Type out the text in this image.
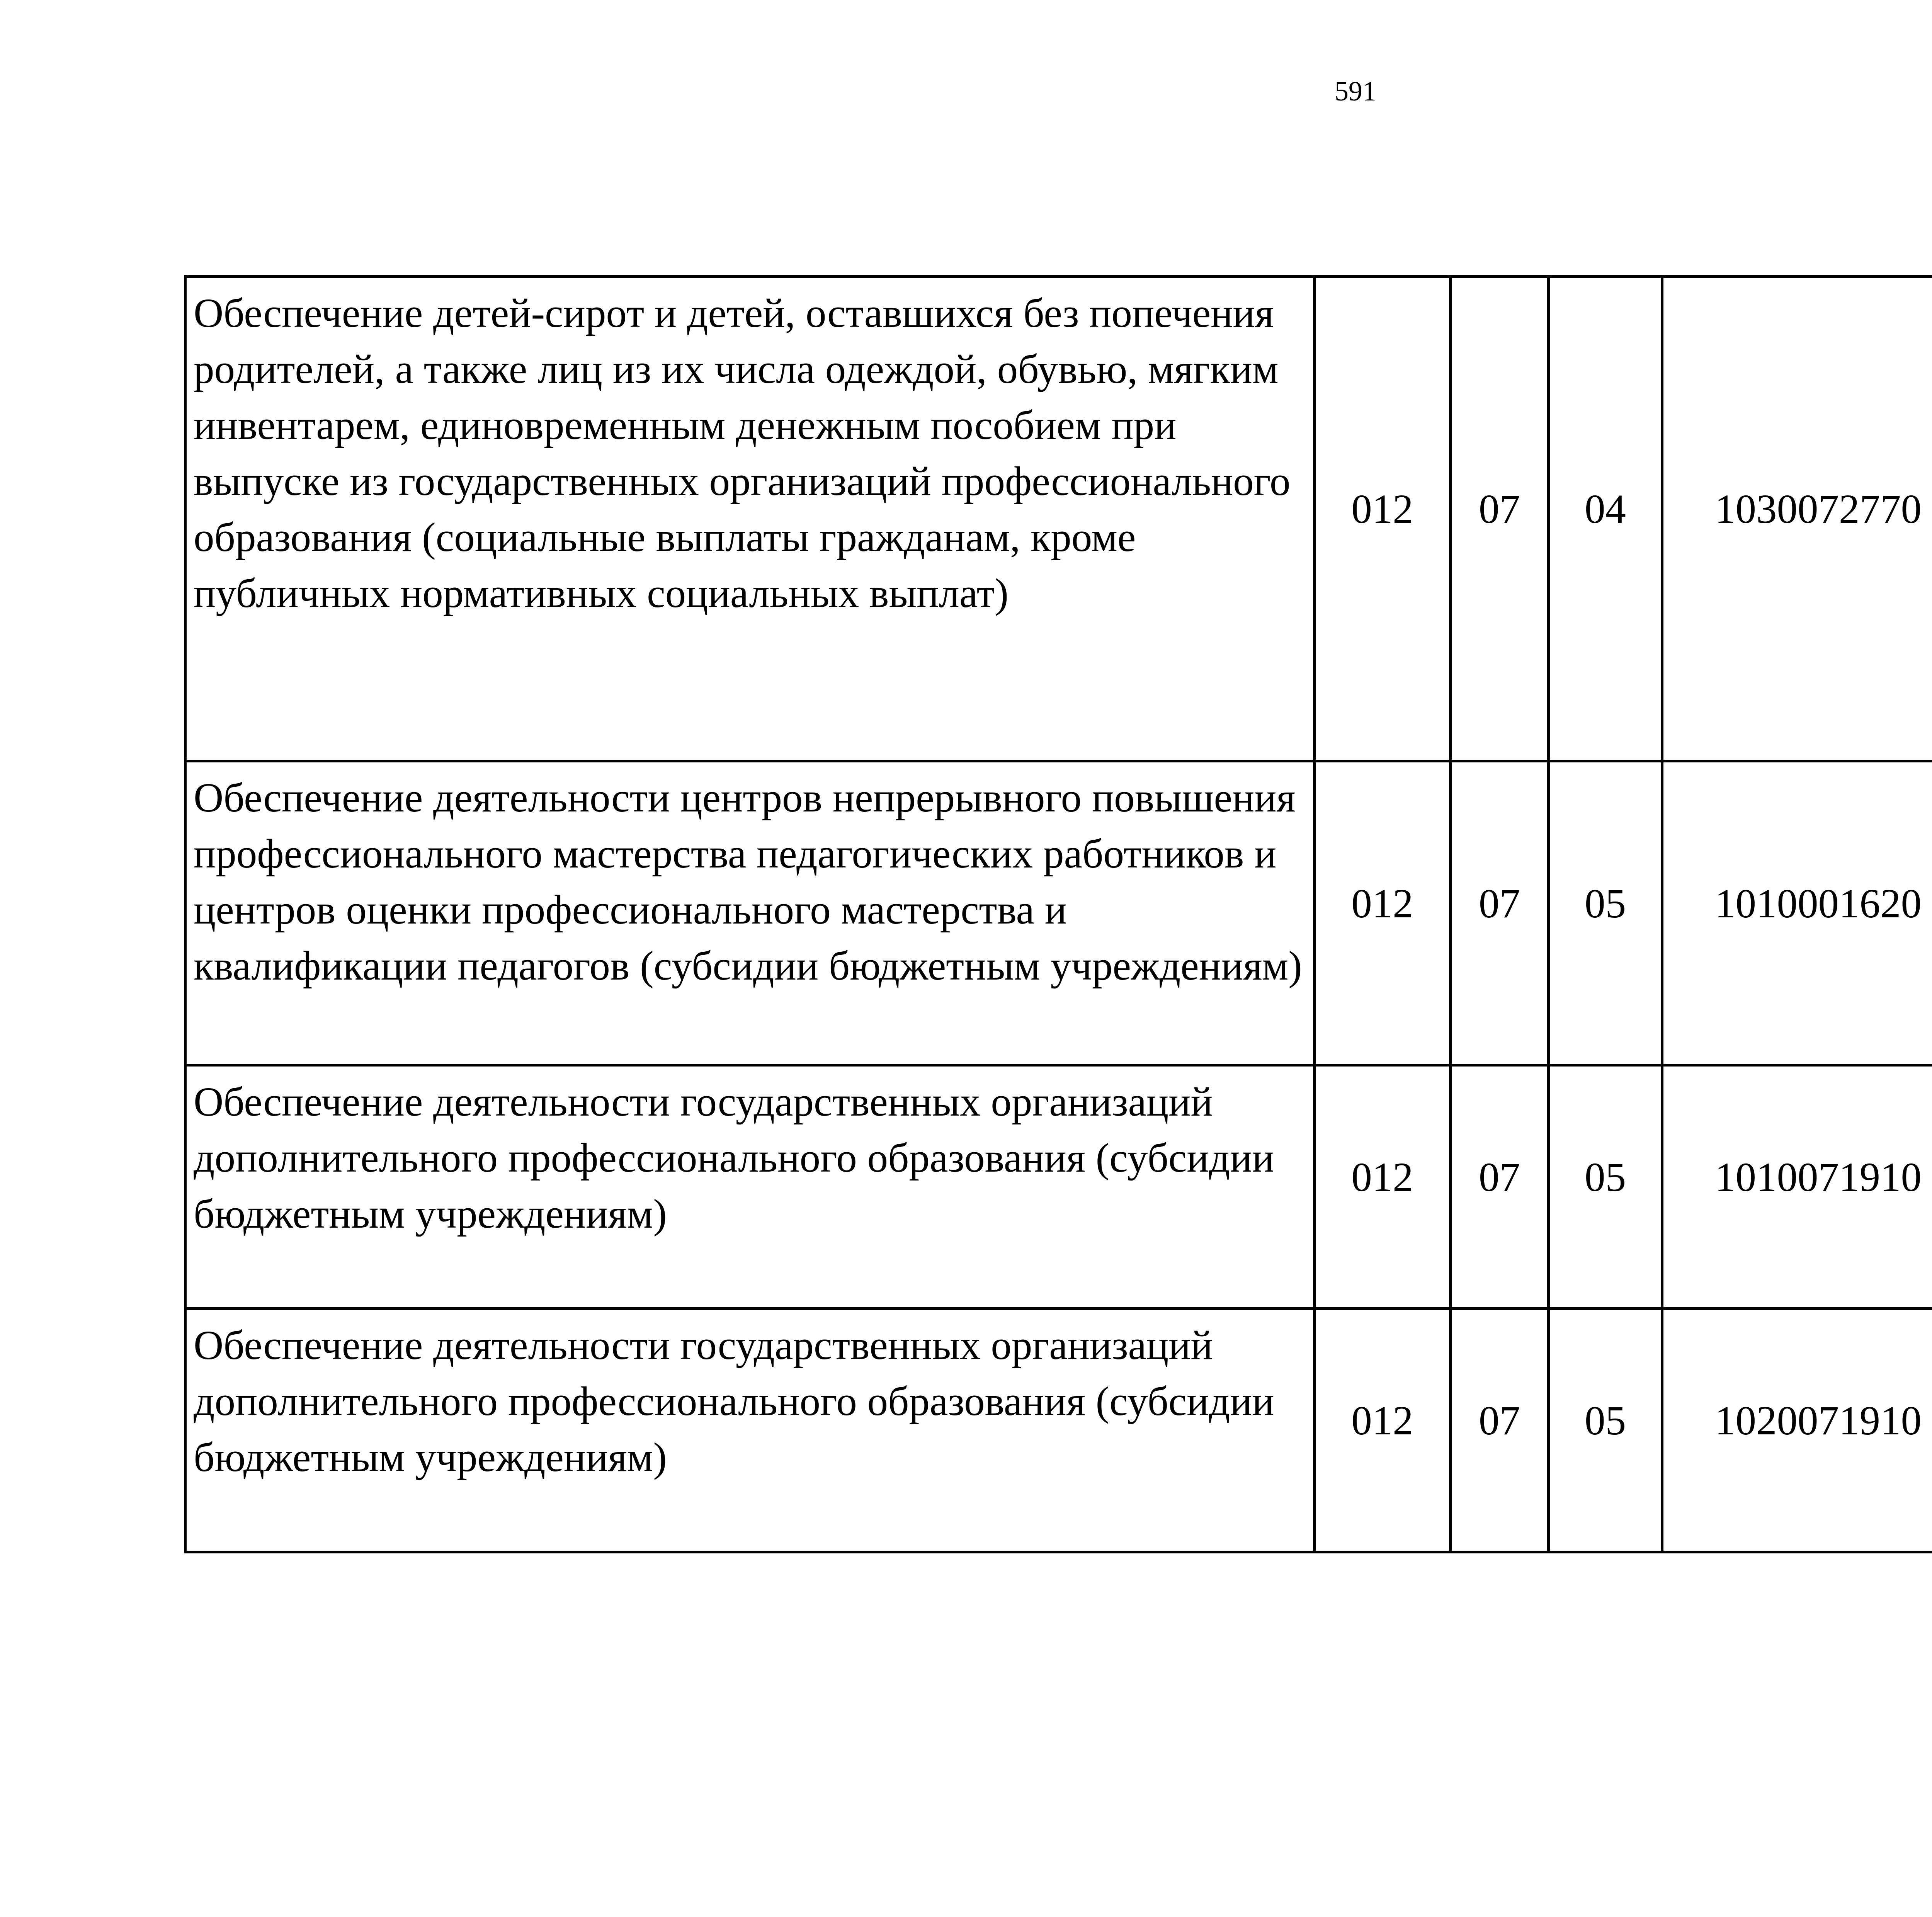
591
Обеспечение детей-сирот и детей, оставшихся без попечения родителей, а также лиц из их числа одеждой, обувью, мягким инвентарем, единовременным денежным пособием при выпуске из государственных организаций профессионального образования (социальные выплаты гражданам, кроме публичных нормативных социальных выплат)	012	07	04	1030072770		
Обеспечение деятельности центров непрерывного повышения профессионального мастерства педагогических работников и центров оценки профессионального мастерства и квалификации педагогов (субсидии бюджетным учреждениям)	012	07	05	1010001620		
Обеспечение деятельности государственных организаций дополнительного профессионального образования (субсидии бюджетным учреждениям)	012	07	05	1010071910		
Обеспечение деятельности государственных организаций дополнительного профессионального образования (субсидии бюджетным учреждениям)	012	07	05	1020071910		
